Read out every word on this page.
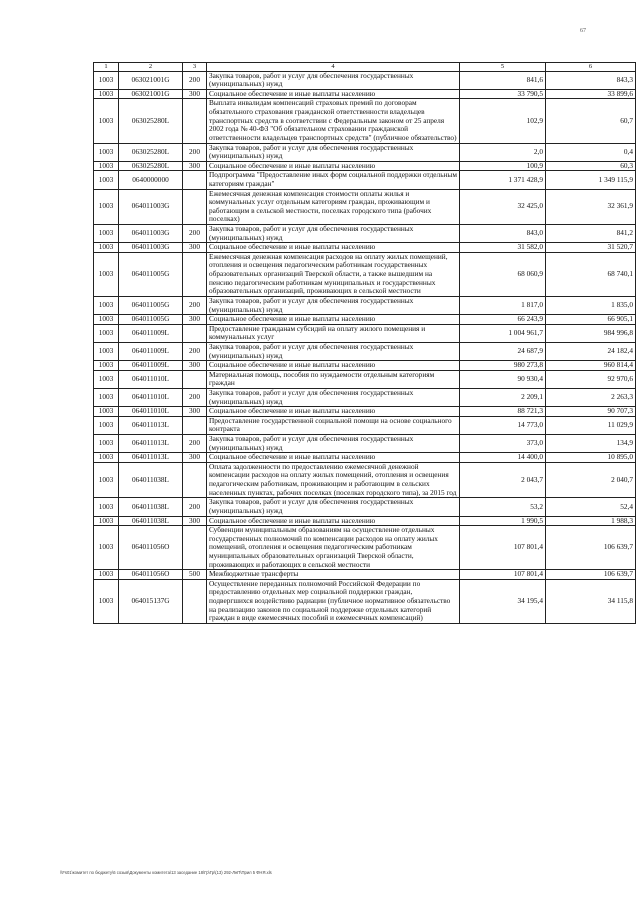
67
1	2	3	4	5	6
1003	063021001G	200	Закупка товаров, работ и услуг для обеспечения государственных (муниципальных) нужд	841,6	843,3
1003	063021001G	300	Социальное обеспечение и иные выплаты населению	33 790,5	33 899,6
1003	063025280L		Выплата инвалидам компенсаций страховых премий по договорам обязательного страхования гражданской ответственности владельцев транспортных средств в соответствии с Федеральным законом от 25 апреля 2002 года № 40-ФЗ "Об обязательном страховании гражданской ответственности владельцев транспортных средств" (публичное обязательство)	102,9	60,7
1003	063025280L	200	Закупка товаров, работ и услуг для обеспечения государственных (муниципальных) нужд	2,0	0,4
1003	063025280L	300	Социальное обеспечение и иные выплаты населению	100,9	60,3
1003	0640000000		Подпрограмма "Предоставление иных форм социальной поддержки отдельным категориям граждан"	1 371 428,9	1 349 115,9
1003	064011003G		Ежемесячная денежная компенсация стоимости оплаты жилья и коммунальных услуг отдельным категориям граждан, проживающим и работающим в сельской местности, поселках городского типа (рабочих поселках)	32 425,0	32 361,9
1003	064011003G	200	Закупка товаров, работ и услуг для обеспечения государственных (муниципальных) нужд	843,0	841,2
1003	064011003G	300	Социальное обеспечение и иные выплаты населению	31 582,0	31 520,7
1003	064011005G		Ежемесячная денежная компенсация расходов на оплату жилых помещений, отопления и освещения педагогическим работникам государственных образовательных организаций Тверской области, а также вышедшим на пенсию педагогическим работникам муниципальных и государственных образовательных организаций, проживающих в сельской местности	68 060,9	68 740,1
1003	064011005G	200	Закупка товаров, работ и услуг для обеспечения государственных (муниципальных) нужд	1 817,0	1 835,0
1003	064011005G	300	Социальное обеспечение и иные выплаты населению	66 243,9	66 905,1
1003	064011009L		Предоставление гражданам субсидий на оплату жилого помещения и коммунальных услуг	1 004 961,7	984 996,8
1003	064011009L	200	Закупка товаров, работ и услуг для обеспечения государственных (муниципальных) нужд	24 687,9	24 182,4
1003	064011009L	300	Социальное обеспечение и иные выплаты населению	980 273,8	960 814,4
1003	064011010L		Материальная помощь, пособия по нуждаемости отдельным категориям граждан	90 930,4	92 970,6
1003	064011010L	200	Закупка товаров, работ и услуг для обеспечения государственных (муниципальных) нужд	2 209,1	2 263,3
1003	064011010L	300	Социальное обеспечение и иные выплаты населению	88 721,3	90 707,3
1003	064011013L		Предоставление государственной социальной помощи на основе социального контракта	14 773,0	11 029,9
1003	064011013L	200	Закупка товаров, работ и услуг для обеспечения государственных (муниципальных) нужд	373,0	134,9
1003	064011013L	300	Социальное обеспечение и иные выплаты населению	14 400,0	10 895,0
1003	064011038L		Оплата задолженности по предоставлению ежемесячной денежной компенсации расходов на оплату жилых помещений, отопления и освещения педагогическим работникам, проживающим и работающим в сельских населенных пунктах, рабочих поселках (поселках городского типа), за 2015 год	2 043,7	2 040,7
1003	064011038L	200	Закупка товаров, работ и услуг для обеспечения государственных (муниципальных) нужд	53,2	52,4
1003	064011038L	300	Социальное обеспечение и иные выплаты населению	1 990,5	1 988,3
1003	064011056O		Субвенции муниципальным образованиям на осуществление отдельных государственных полномочий по компенсации расходов на оплату жилых помещений, отопления и освещения педагогическим работникам муниципальных образовательных организаций Тверской области, проживающих и работающих в сельской местности	107 801,4	106 639,7
1003	064011056O	500	Межбюджетные трансферты	107 801,4	106 639,7
1003	064015137G		Осуществление переданных полномочий Российской Федерации по предоставлению отдельных мер социальной поддержки граждан, подвергшихся воздействию радиации (публичное нормативное обязательство на реализацию законов по социальной поддержке отдельных категорий граждан в виде ежемесячных пособий и ежемесячных компенсаций)	34 195,4	34 115,8
\\Fs01\комитет по бюджету\6 созыв\Документы комитета\13 заседание 18\Гр\Гр\(13) 292-ЛнП\Прил 5 ФНЯ.xls
